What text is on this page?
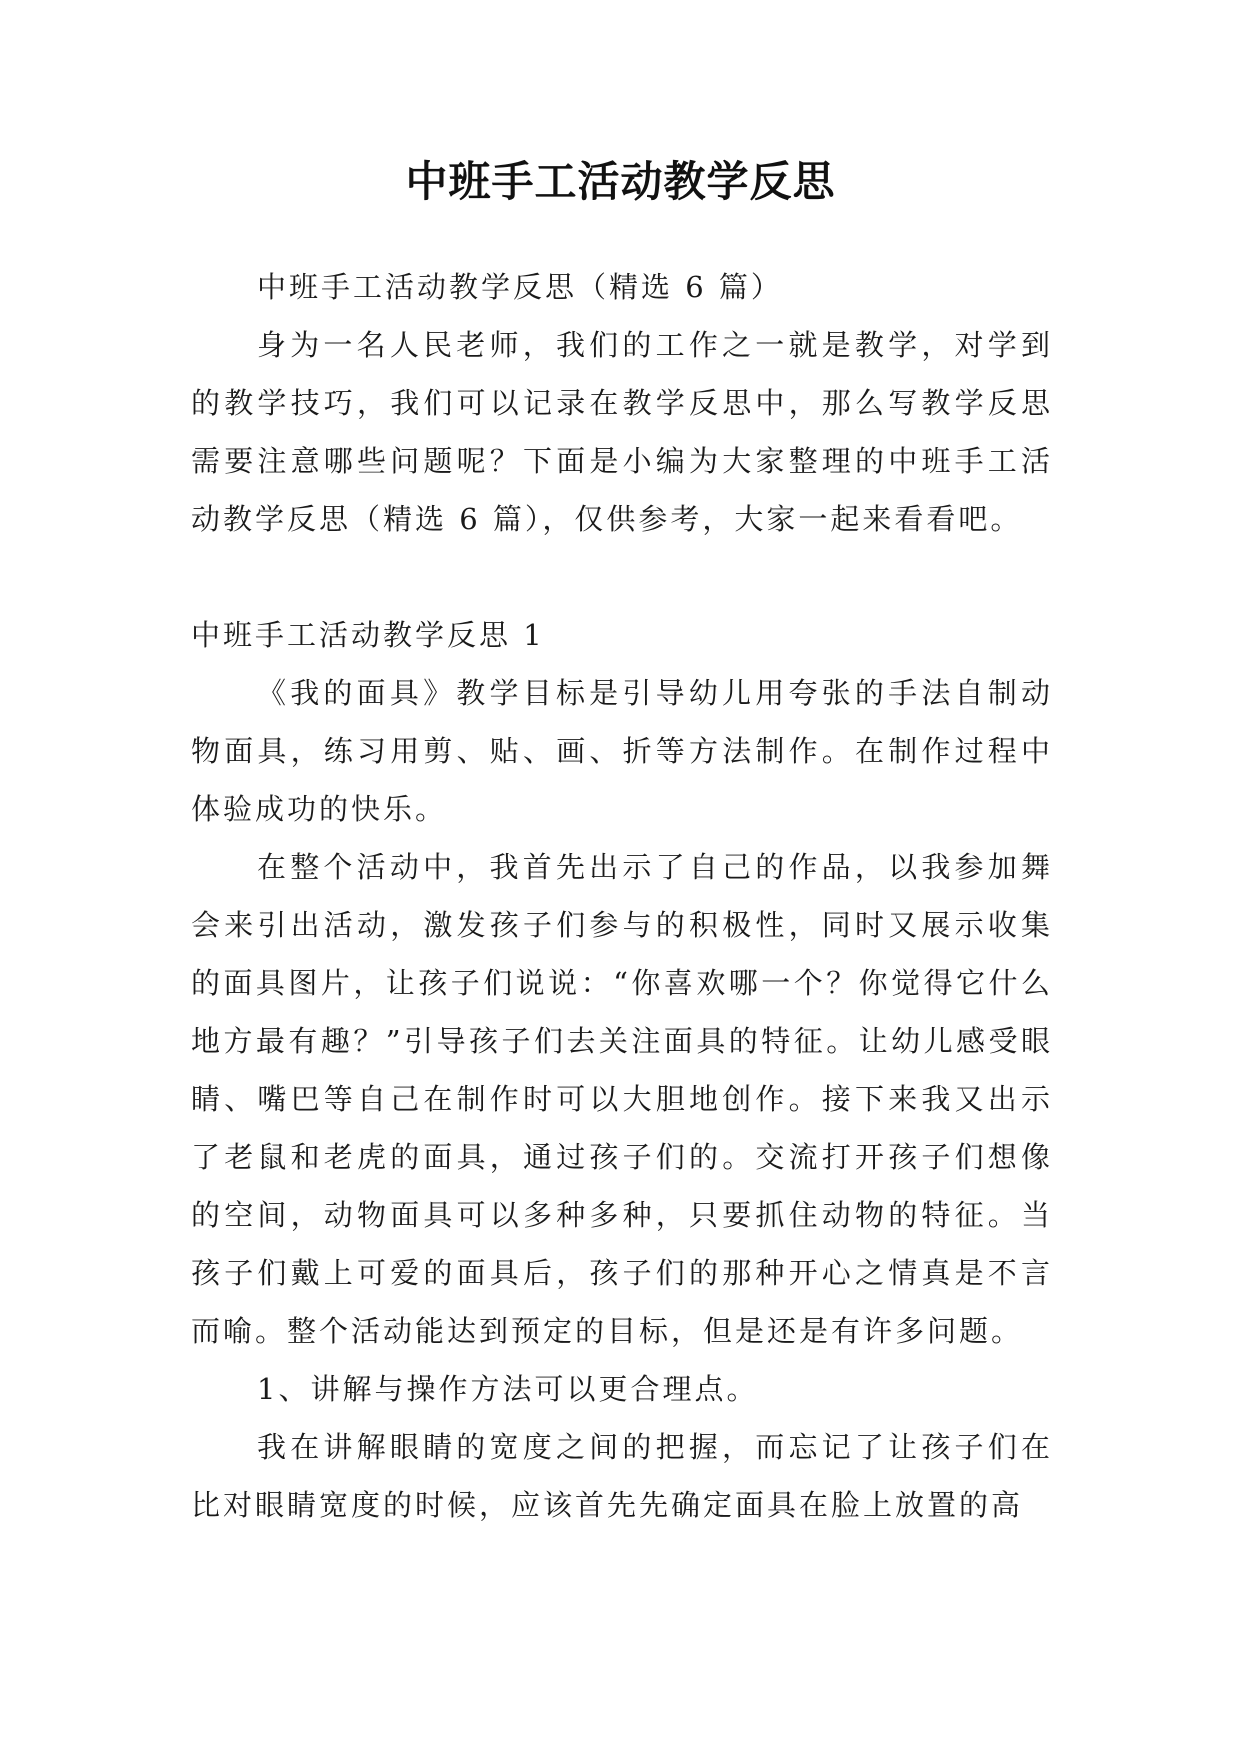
中班手工活动教学反思

中班手工活动教学反思（精选 6 篇）

身为一名人民老师，我们的工作之一就是教学，对学到的教学技巧，我们可以记录在教学反思中，那么写教学反思需要注意哪些问题呢？下面是小编为大家整理的中班手工活动教学反思（精选 6 篇），仅供参考，大家一起来看看吧。

中班手工活动教学反思 1

《我的面具》教学目标是引导幼儿用夸张的手法自制动物面具，练习用剪、贴、画、折等方法制作。在制作过程中体验成功的快乐。

在整个活动中，我首先出示了自己的作品，以我参加舞会来引出活动，激发孩子们参与的积极性，同时又展示收集的面具图片，让孩子们说说：“你喜欢哪一个？你觉得它什么地方最有趣？”引导孩子们去关注面具的特征。让幼儿感受眼睛、嘴巴等自己在制作时可以大胆地创作。接下来我又出示了老鼠和老虎的面具，通过孩子们的。交流打开孩子们想像的空间，动物面具可以多种多种，只要抓住动物的特征。当孩子们戴上可爱的面具后，孩子们的那种开心之情真是不言而喻。整个活动能达到预定的目标，但是还是有许多问题。

1、讲解与操作方法可以更合理点。

我在讲解眼睛的宽度之间的把握，而忘记了让孩子们在比对眼睛宽度的时候，应该首先先确定面具在脸上放置的高
